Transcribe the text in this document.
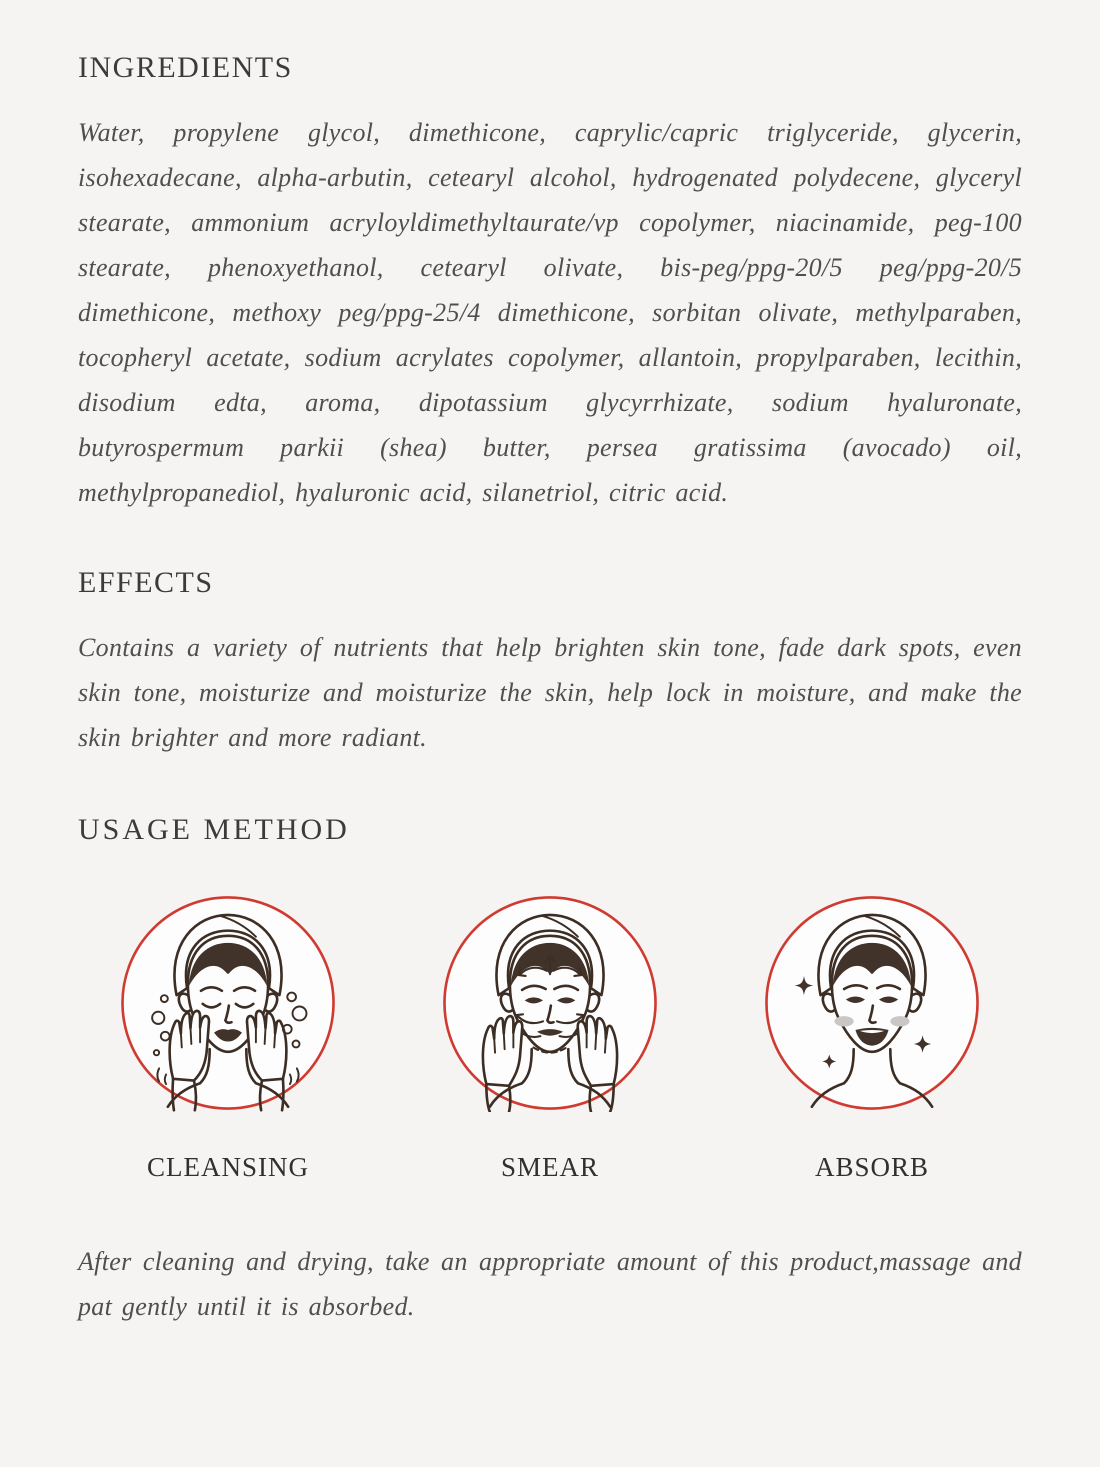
INGREDIENTS

Water, propylene glycol, dimethicone, caprylic/capric triglyceride, glycerin, isohexadecane, alpha-arbutin, cetearyl alcohol, hydrogenated polydecene, glyceryl stearate, ammonium acryloyldimethyltaurate/vp copolymer, niacinamide, peg-100 stearate, phenoxyethanol, cetearyl olivate, bis-peg/ppg-20/5 peg/ppg-20/5 dimethicone, methoxy peg/ppg-25/4 dimethicone, sorbitan olivate, methylparaben, tocopheryl acetate, sodium acrylates copolymer, allantoin, propylparaben, lecithin, disodium edta, aroma, dipotassium glycyrrhizate, sodium hyaluronate, butyrospermum parkii (shea) butter, persea gratissima (avocado) oil, methylpropanediol, hyaluronic acid, silanetriol, citric acid.

EFFECTS

Contains a variety of nutrients that help brighten skin tone, fade dark spots, even skin tone, moisturize and moisturize the skin, help lock in moisture, and make the skin brighter and more radiant.

USAGE METHOD
CLEANSING	SMEAR	ABSORB

After cleaning and drying, take an appropriate amount of this product,massage and pat gently until it is absorbed.
